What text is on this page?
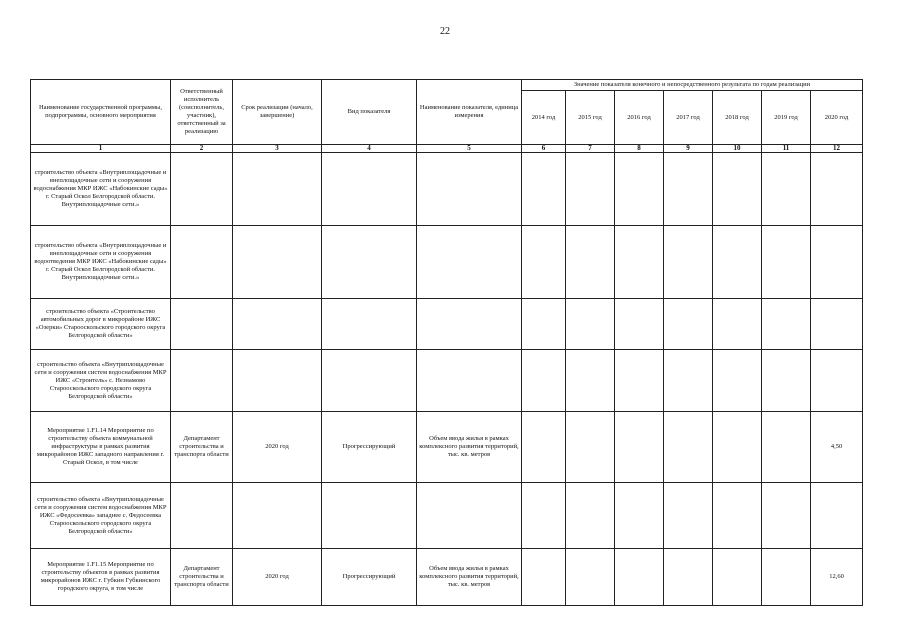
22
Наименование государственной программы, подпрограммы, основного мероприятия	Ответственный исполнитель (соисполнитель, участник), ответственный за реализацию	Срок реализации (начало, завершение)	Вид показателя	Наименование показателя, единица измерения	Значение показателя конечного и непосредственного результата по годам реализации						
					2014 год	2015 год	2016 год	2017 год	2018 год	2019 год	2020 год
1	2	3	4	5	6	7	8	9	10	11	12
строительство объекта «Внутриплощадочные и внеплощадочные сети и сооружения водоснабжения МКР ИЖС «Набокинские сады» г. Старый Оскол Белгородской области. Внутриплощадочные сети.»											
строительство объекта «Внутриплощадочные и внеплощадочные сети и сооружения водоотведения МКР ИЖС «Набокинские сады» г. Старый Оскол Белгородской области. Внутриплощадочные сети.»											
строительство объекта «Строительство автомобильных дорог в микрорайоне ИЖС «Озерки» Старооскольского городского округа Белгородской области»											
строительство объекта «Внутриплощадочные сети и сооружения систем водоснабжения МКР ИЖС «Строитель» с. Незнамово Старооскольского городского округа Белгородской области»											
Мероприятие 1.F1.14 Мероприятие по строительству объекта коммунальной инфраструктуры в рамках развития микрорайонов ИЖС западного направления г. Старый Оскол, в том числе	Департамент строительства и транспорта области	2020 год	Прогрессирующий	Объем ввода жилья в рамках комплексного развития территорий, тыс. кв. метров							4,50
строительство объекта «Внутриплощадочные сети и сооружения систем водоснабжения МКР ИЖС «Федосеевка» западнее с. Федосеевка Старооскольского городского округа Белгородской области»											
Мероприятие 1.F1.15 Мероприятие по строительству объектов в рамках развития микрорайонов ИЖС г. Губкин Губкинского городского округа, в том числе	Департамент строительства и транспорта области	2020 год	Прогрессирующий	Объем ввода жилья в рамках комплексного развития территорий, тыс. кв. метров							12,60
